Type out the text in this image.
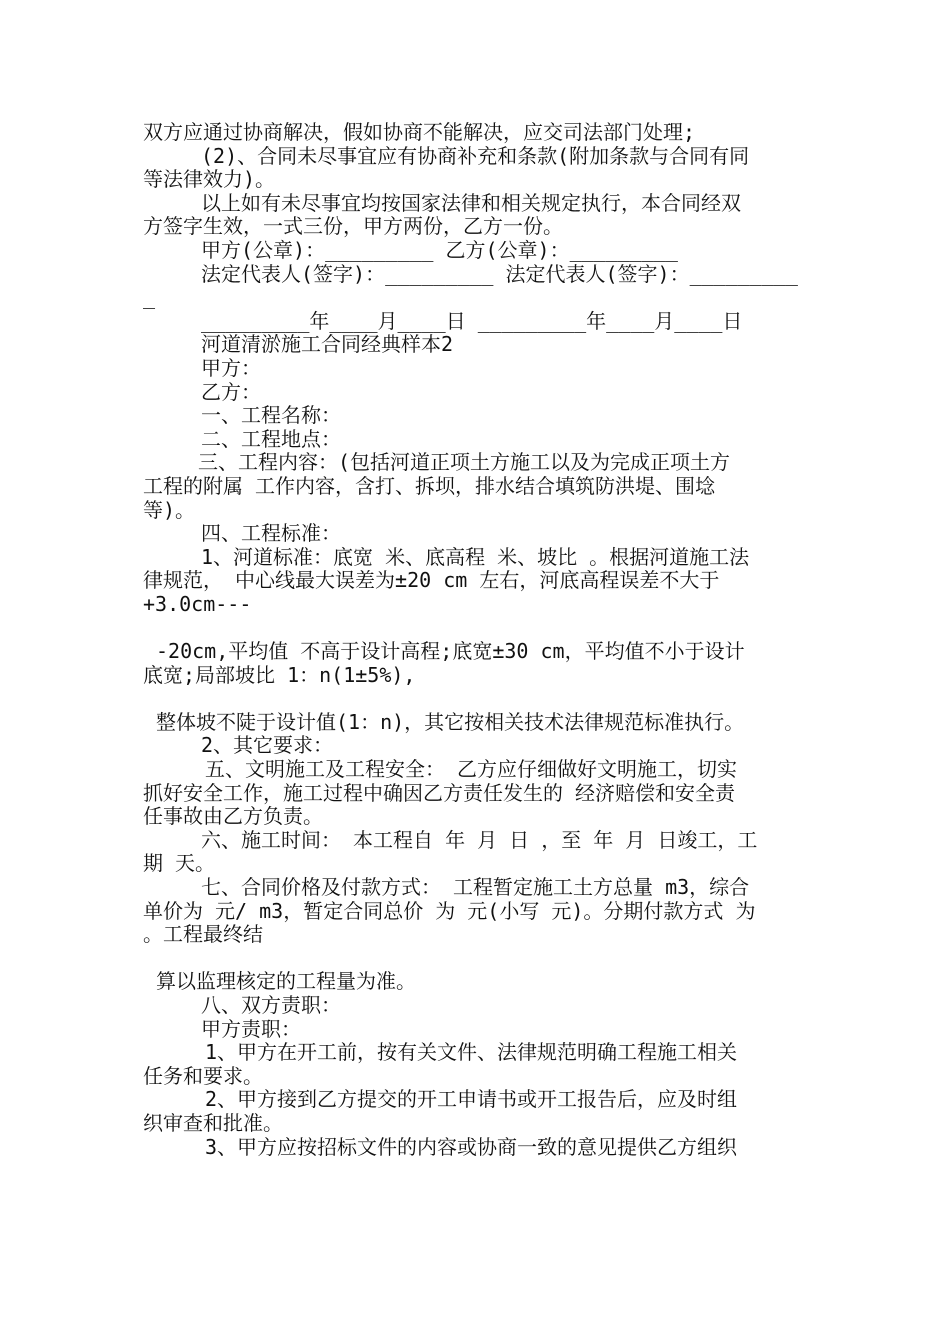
双方应通过协商解决，假如协商不能解决，应交司法部门处理;
(2)、合同未尽事宜应有协商补充和条款(附加条款与合同有同
等法律效力)。
以上如有未尽事宜均按国家法律和相关规定执行，本合同经双
方签字生效，一式三份，甲方两份，乙方一份。
甲方(公章)：_________ 乙方(公章)：_________
法定代表人(签字)：_________ 法定代表人(签字)：_________
_
_________年____月____日 _________年____月____日
河道清淤施工合同经典样本2
甲方：
乙方：
一、工程名称：
二、工程地点：
三、工程内容：(包括河道正项土方施工以及为完成正项土方
工程的附属 工作内容，含打、拆坝，排水结合填筑防洪堤、围埝
等)。
四、工程标准：
1、河道标准：底宽 米、底高程 米、坡比 。根据河道施工法
律规范， 中心线最大误差为±20 cm 左右，河底高程误差不大于
+3.0cm---
-20cm,平均值 不高于设计高程;底宽±30 cm，平均值不小于设计
底宽;局部坡比 1：n(1±5%),
整体坡不陡于设计值(1：n)，其它按相关技术法律规范标准执行。
2、其它要求：
五、文明施工及工程安全： 乙方应仔细做好文明施工，切实
抓好安全工作，施工过程中确因乙方责任发生的 经济赔偿和安全责
任事故由乙方负责。
六、施工时间： 本工程自 年 月 日 ，至 年 月 日竣工，工
期 天。
七、合同价格及付款方式： 工程暂定施工土方总量 m3，综合
单价为 元/ m3，暂定合同总价 为 元(小写 元)。分期付款方式 为
。工程最终结
算以监理核定的工程量为准。
八、双方责职：
甲方责职：
1、甲方在开工前，按有关文件、法律规范明确工程施工相关
任务和要求。
2、甲方接到乙方提交的开工申请书或开工报告后，应及时组
织审查和批准。
3、甲方应按招标文件的内容或协商一致的意见提供乙方组织
